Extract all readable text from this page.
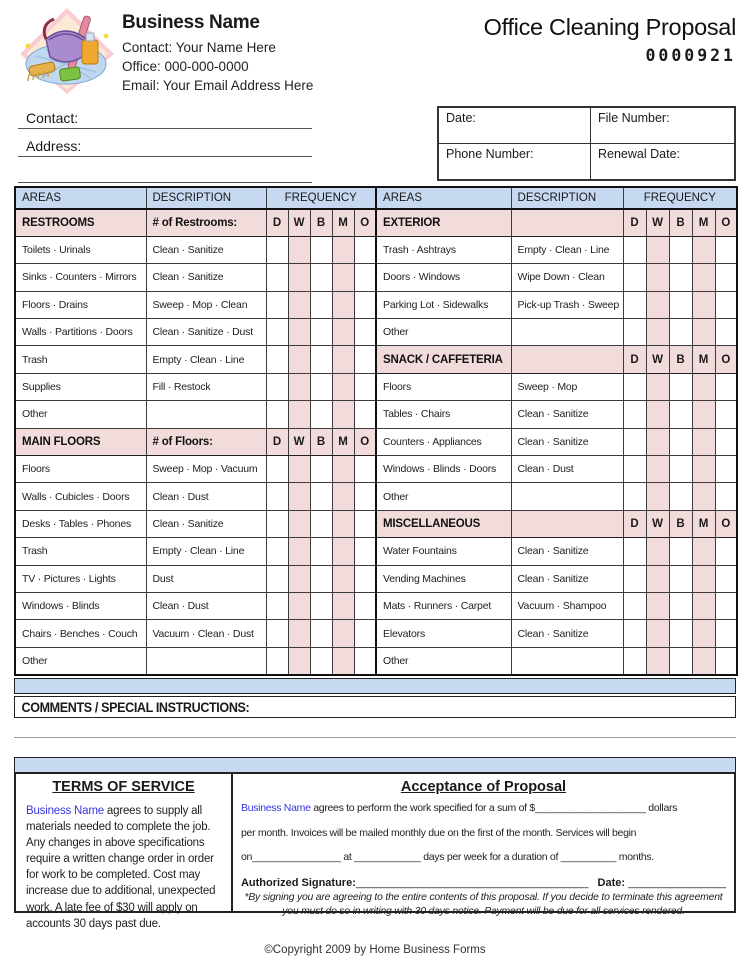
Business Name
Contact: Your Name Here
Office: 000-000-0000
Email: Your Email Address Here
Office Cleaning Proposal
0000921
Contact:
Address:
Date:	File Number:
Phone Number:	Renewal Date:
AREAS	DESCRIPTION	FREQUENCY				
RESTROOMS	# of Restrooms:	D	W	B	M	O
Toilets · Urinals	Clean · Sanitize					
Sinks · Counters · Mirrors	Clean · Sanitize					
Floors · Drains	Sweep · Mop · Clean					
Walls · Partitions · Doors	Clean · Sanitize · Dust					
Trash	Empty · Clean · Line					
Supplies	Fill · Restock					
Other						
MAIN FLOORS	# of Floors:	D	W	B	M	O
Floors	Sweep · Mop · Vacuum					
Walls · Cubicles · Doors	Clean · Dust					
Desks · Tables · Phones	Clean · Sanitize					
Trash	Empty · Clean · Line					
TV · Pictures · Lights	Dust					
Windows · Blinds	Clean · Dust					
Chairs · Benches · Couch	Vacuum · Clean · Dust					
Other						
AREAS	DESCRIPTION	FREQUENCY				
EXTERIOR		D	W	B	M	O
Trash · Ashtrays	Empty · Clean · Line					
Doors · Windows	Wipe Down · Clean					
Parking Lot · Sidewalks	Pick-up Trash · Sweep					
Other						
SNACK / CAFFETERIA		D	W	B	M	O
Floors	Sweep · Mop					
Tables · Chairs	Clean · Sanitize					
Counters · Appliances	Clean · Sanitize					
Windows · Blinds · Doors	Clean · Dust					
Other						
MISCELLANEOUS		D	W	B	M	O
Water Fountains	Clean · Sanitize					
Vending Machines	Clean · Sanitize					
Mats · Runners · Carpet	Vacuum · Shampoo					
Elevators	Clean · Sanitize					
Other						
COMMENTS / SPECIAL INSTRUCTIONS:
TERMS OF SERVICE
Business Name agrees to supply all materials needed to complete the job. Any changes in above specifications require a written change order in order for work to be completed. Cost may increase due to additional, unexpected work. A late fee of $30 will apply on accounts 30 days past due.
Acceptance of Proposal
Business Name agrees to perform the work specified for a sum of $____________________ dollars
per month. Invoices will be mailed monthly due on the first of the month. Services will begin
on________________ at ____________ days per week for a duration of __________ months.
Authorized Signature:______________________________________ Date: ________________
*By signing you are agreeing to the entire contents of this proposal. If you decide to terminate this agreement you must do so in writing with 30 days notice. Payment will be due for all services rendered.
©Copyright 2009 by Home Business Forms
